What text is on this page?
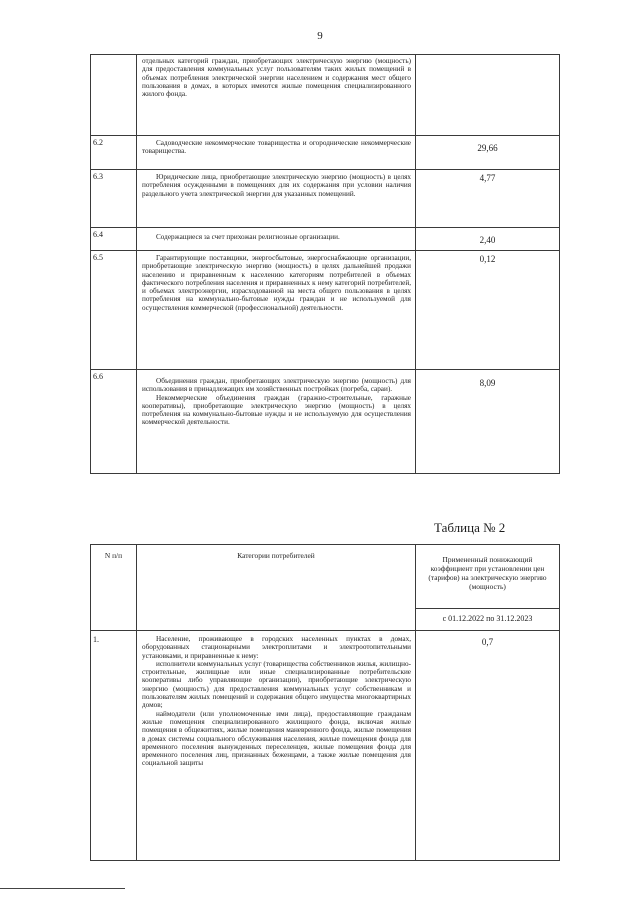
9

	отдельных категорий граждан, приобретающих электрическую энергию (мощность) для предоставления коммунальных услуг пользователям таких жилых помещений в объемах потребления электрической энергии населением и содержания мест общего пользования в домах, в которых имеются жилые помещения специализированного жилого фонда.	

6.2	Садоводческие некоммерческие товарищества и огороднические некоммерческие товарищества.	29,66

6.3	Юридические лица, приобретающие электрическую энергию (мощность) в целях потребления осужденными в помещениях для их содержания при условии наличия раздельного учета электрической энергии для указанных помещений.	4,77

6.4	Содержащиеся за счет прихожан религиозные организации.	2,40

6.5	Гарантирующие поставщики, энергосбытовые, энергоснабжающие организации, приобретающие электрическую энергию (мощность) в целях дальнейшей продажи населению и приравненным к населению категориям потребителей в объемах фактического потребления населения и приравненных к нему категорий потребителей, и объемах электроэнергии, израсходованной на места общего пользования в целях потребления на коммунально-бытовые нужды граждан и не используемой для осуществления коммерческой (профессиональной) деятельности.	0,12

6.6	Объединения граждан, приобретающих электрическую энергию (мощность) для использования в принадлежащих им хозяйственных постройках (погреба, сараи).
Некоммерческие объединения граждан (гаражно-строительные, гаражные кооперативы), приобретающие электрическую энергию (мощность) в целях потребления на коммунально-бытовые нужды и не используемую для осуществления коммерческой деятельности.	8,09
Таблица № 2
N п/п	Категории потребителей	Примененный понижающий коэффициент при установлении цен (тарифов) на электрическую энергию (мощность)

		с 01.12.2022 по 31.12.2023

1.	Население, проживающее в городских населенных пунктах в домах, оборудованных стационарными электроплитами и электроотопительными установками, и приравненные к нему:
исполнители коммунальных услуг (товарищества собственников жилья, жилищно-строительные, жилищные или иные специализированные потребительские кооперативы либо управляющие организации), приобретающие электрическую энергию (мощность) для предоставления коммунальных услуг собственникам и пользователям жилых помещений и содержания общего имущества многоквартирных домов;
наймодатели (или уполномоченные ими лица), предоставляющие гражданам жилые помещения специализированного жилищного фонда, включая жилые помещения в общежитиях, жилые помещения маневренного фонда, жилые помещения в домах системы социального обслуживания населения, жилые помещения фонда для временного поселения вынужденных переселенцев, жилые помещения фонда для временного поселения лиц, признанных беженцами, а также жилые помещения для социальной защиты	0,7
